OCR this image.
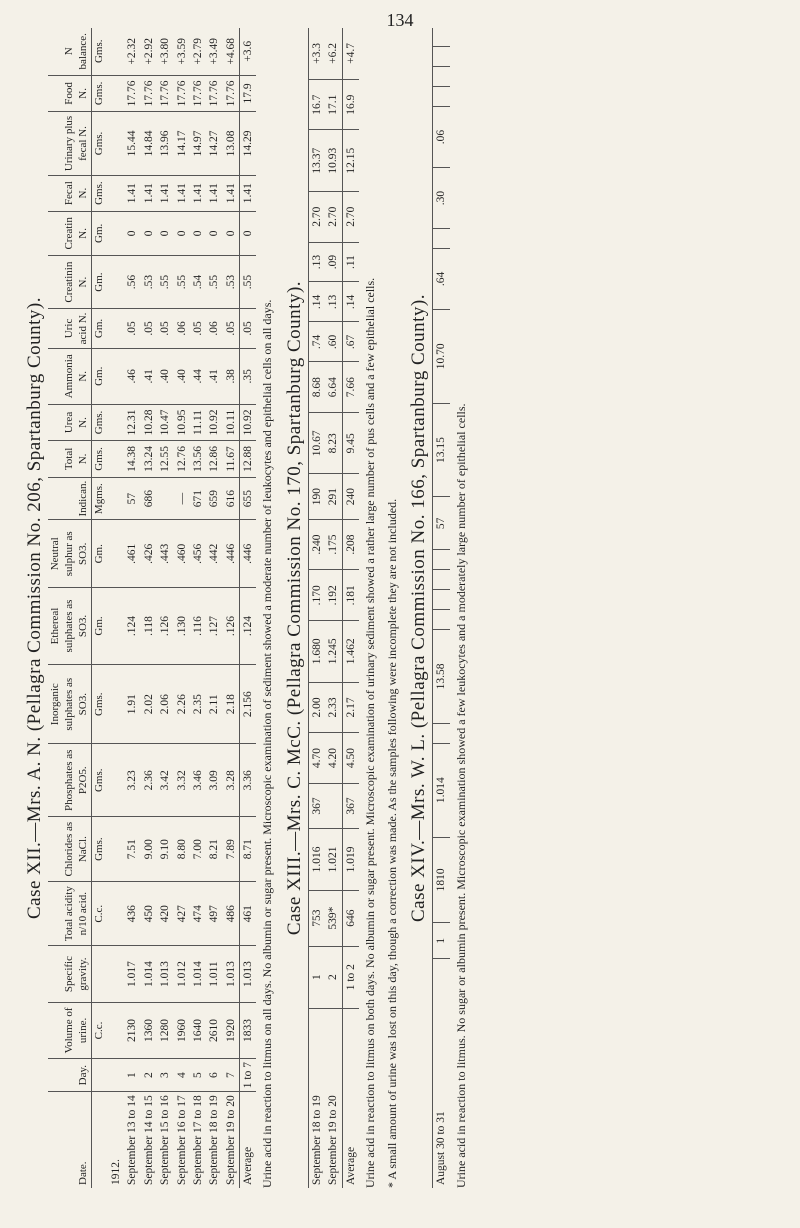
134
Case XII.—Mrs. A. N. (Pellagra Commission No. 206, Spartanburg County).
Date.	Day.	Volume of urine.	Specific gravity.	Total acidity n/10 acid.	Chlorides as NaCl.	Phosphates as P2O5.	Inorganic sulphates as SO3.	Ethereal sulphates as SO3.	Neutral sulphur as SO3.	Indican.	Total N.	Urea N.	Ammonia N.	Uric acid N.	Creatinin N.	Creatin N.	Fecal N.	Urinary plus fecal N.	Food N.	N balance.
		C.c.		C.c.	Gms.	Gms.	Gms.	Gm.	Gm.	Mgms.	Gms.	Gms.	Gm.	Gm.	Gm.	Gm.	Gms.	Gms.	Gms.	Gms.
1912.																				
September 13 to 14	1	2130	1.017	436	7.51	3.23	1.91	.124	.461	57	14.38	12.31	.46	.05	.56	0	1.41	15.44	17.76	+2.32
September 14 to 15	2	1360	1.014	450	9.00	2.36	2.02	.118	.426	686	13.24	10.28	.41	.05	.53	0	1.41	14.84	17.76	+2.92
September 15 to 16	3	1280	1.013	420	9.10	3.42	2.06	.126	.443		12.55	10.47	.40	.05	.55	0	1.41	13.96	17.76	+3.80
September 16 to 17	4	1960	1.012	427	8.80	3.32	2.26	.130	.460	—	12.76	10.95	.40	.06	.55	0	1.41	14.17	17.76	+3.59
September 17 to 18	5	1640	1.014	474	7.00	3.46	2.35	.116	.456	671	13.56	11.11	.44	.05	.54	0	1.41	14.97	17.76	+2.79
September 18 to 19	6	2610	1.011	497	8.21	3.09	2.11	.127	.442	659	12.86	10.92	.41	.06	.55	0	1.41	14.27	17.76	+3.49
September 19 to 20	7	1920	1.013	486	7.89	3.28	2.18	.126	.446	616	11.67	10.11	.38	.05	.53	0	1.41	13.08	17.76	+4.68
Average	1 to 7	1833	1.013	461	8.71	3.36	2.156	.124	.446	655	12.88	10.92	.35	.05	.55	0	1.41	14.29	17.9	+3.6
Urine acid in reaction to litmus on all days. No albumin or sugar present. Microscopic examination of sediment showed a moderate number of leukocytes and epithelial cells on all days. Case XIII.—Mrs. C. McC. (Pellagra Commission No. 170, Spartanburg County).
September 18 to 19	1	753	1.016	367	4.70	2.00	1.680	.170	.240	190	10.67	8.68	.74	.14	.13	2.70	13.37	16.7	+3.3
September 19 to 20	2	539*	1.021		4.20	2.33	1.245	.192	.175	291	8.23	6.64	.60	.13	.09	2.70	10.93	17.1	+6.2
Average	1 to 2	646	1.019	367	4.50	2.17	1.462	.181	.208	240	9.45	7.66	.67	.14	.11	2.70	12.15	16.9	+4.7
Urine acid in reaction to litmus on both days. No albumin or sugar present. Microscopic examination of urinary sediment showed a rather large number of pus cells and a few epithelial cells. * A small amount of urine was lost on this day, though a correction was made. As the samples following were incomplete they are not included. Case XIV.—Mrs. W. L. (Pellagra Commission No. 166, Spartanburg County).
August 30 to 31	1	1810	1.014		13.58					57	13.15	10.70	.64		.30	.06				
Urine acid in reaction to litmus. No sugar or albumin present. Microscopic examination showed a few leukocytes and a moderately large number of epithelial cells.
